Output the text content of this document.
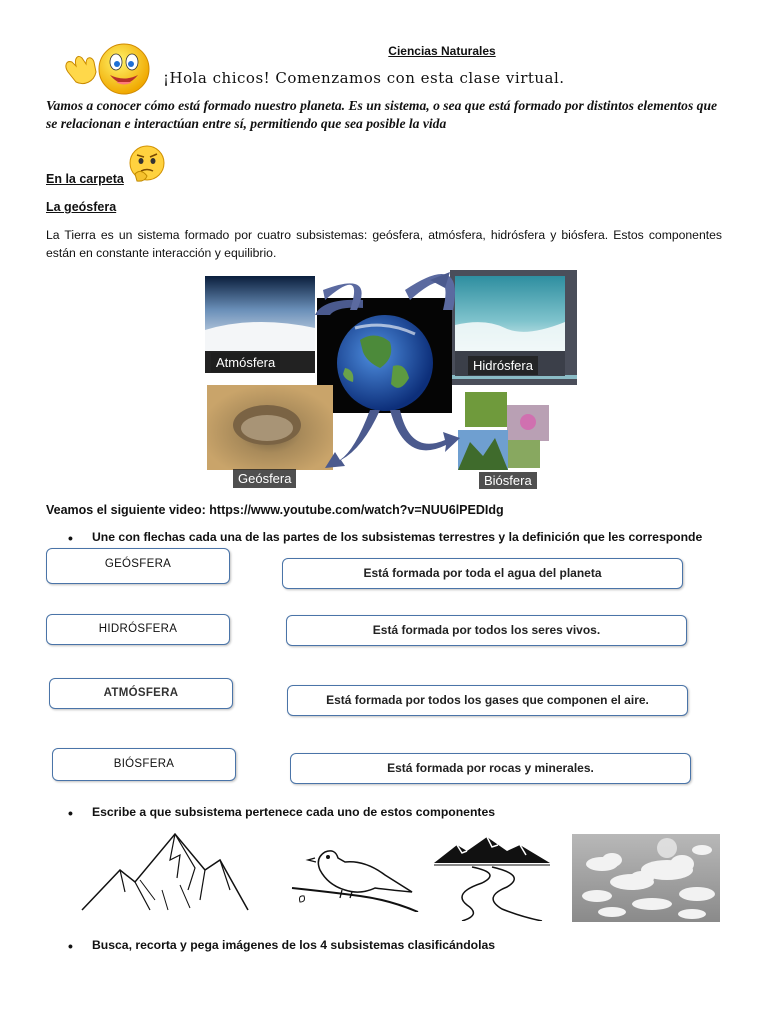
Ciencias Naturales
¡Hola chicos! Comenzamos con esta clase virtual.
Vamos a conocer cómo está formado nuestro planeta. Es un sistema, o sea que está formado por distintos elementos que se relacionan e interactúan entre sí, permitiendo que sea posible la vida
En la carpeta
La geósfera
La Tierra es un sistema formado por cuatro subsistemas: geósfera, atmósfera, hidrósfera y biósfera. Estos componentes están en constante interacción y equilibrio.
Atmósfera	Hidrósfera
Geósfera	Biósfera
Veamos el siguiente video: https://www.youtube.com/watch?v=NUU6lPEDIdg
• Une con flechas cada una de las partes de los subsistemas terrestres y la definición que les corresponde
GEÓSFERA
HIDRÓSFERA
ATMÓSFERA
BIÓSFERA
Está formada por toda el agua del planeta
Está formada por todos los seres vivos.
Está formada por todos los gases que componen el aire.
Está formada por rocas y minerales.
• Escribe a que subsistema pertenece cada uno de estos componentes
• Busca, recorta y pega imágenes de los 4 subsistemas clasificándolas
